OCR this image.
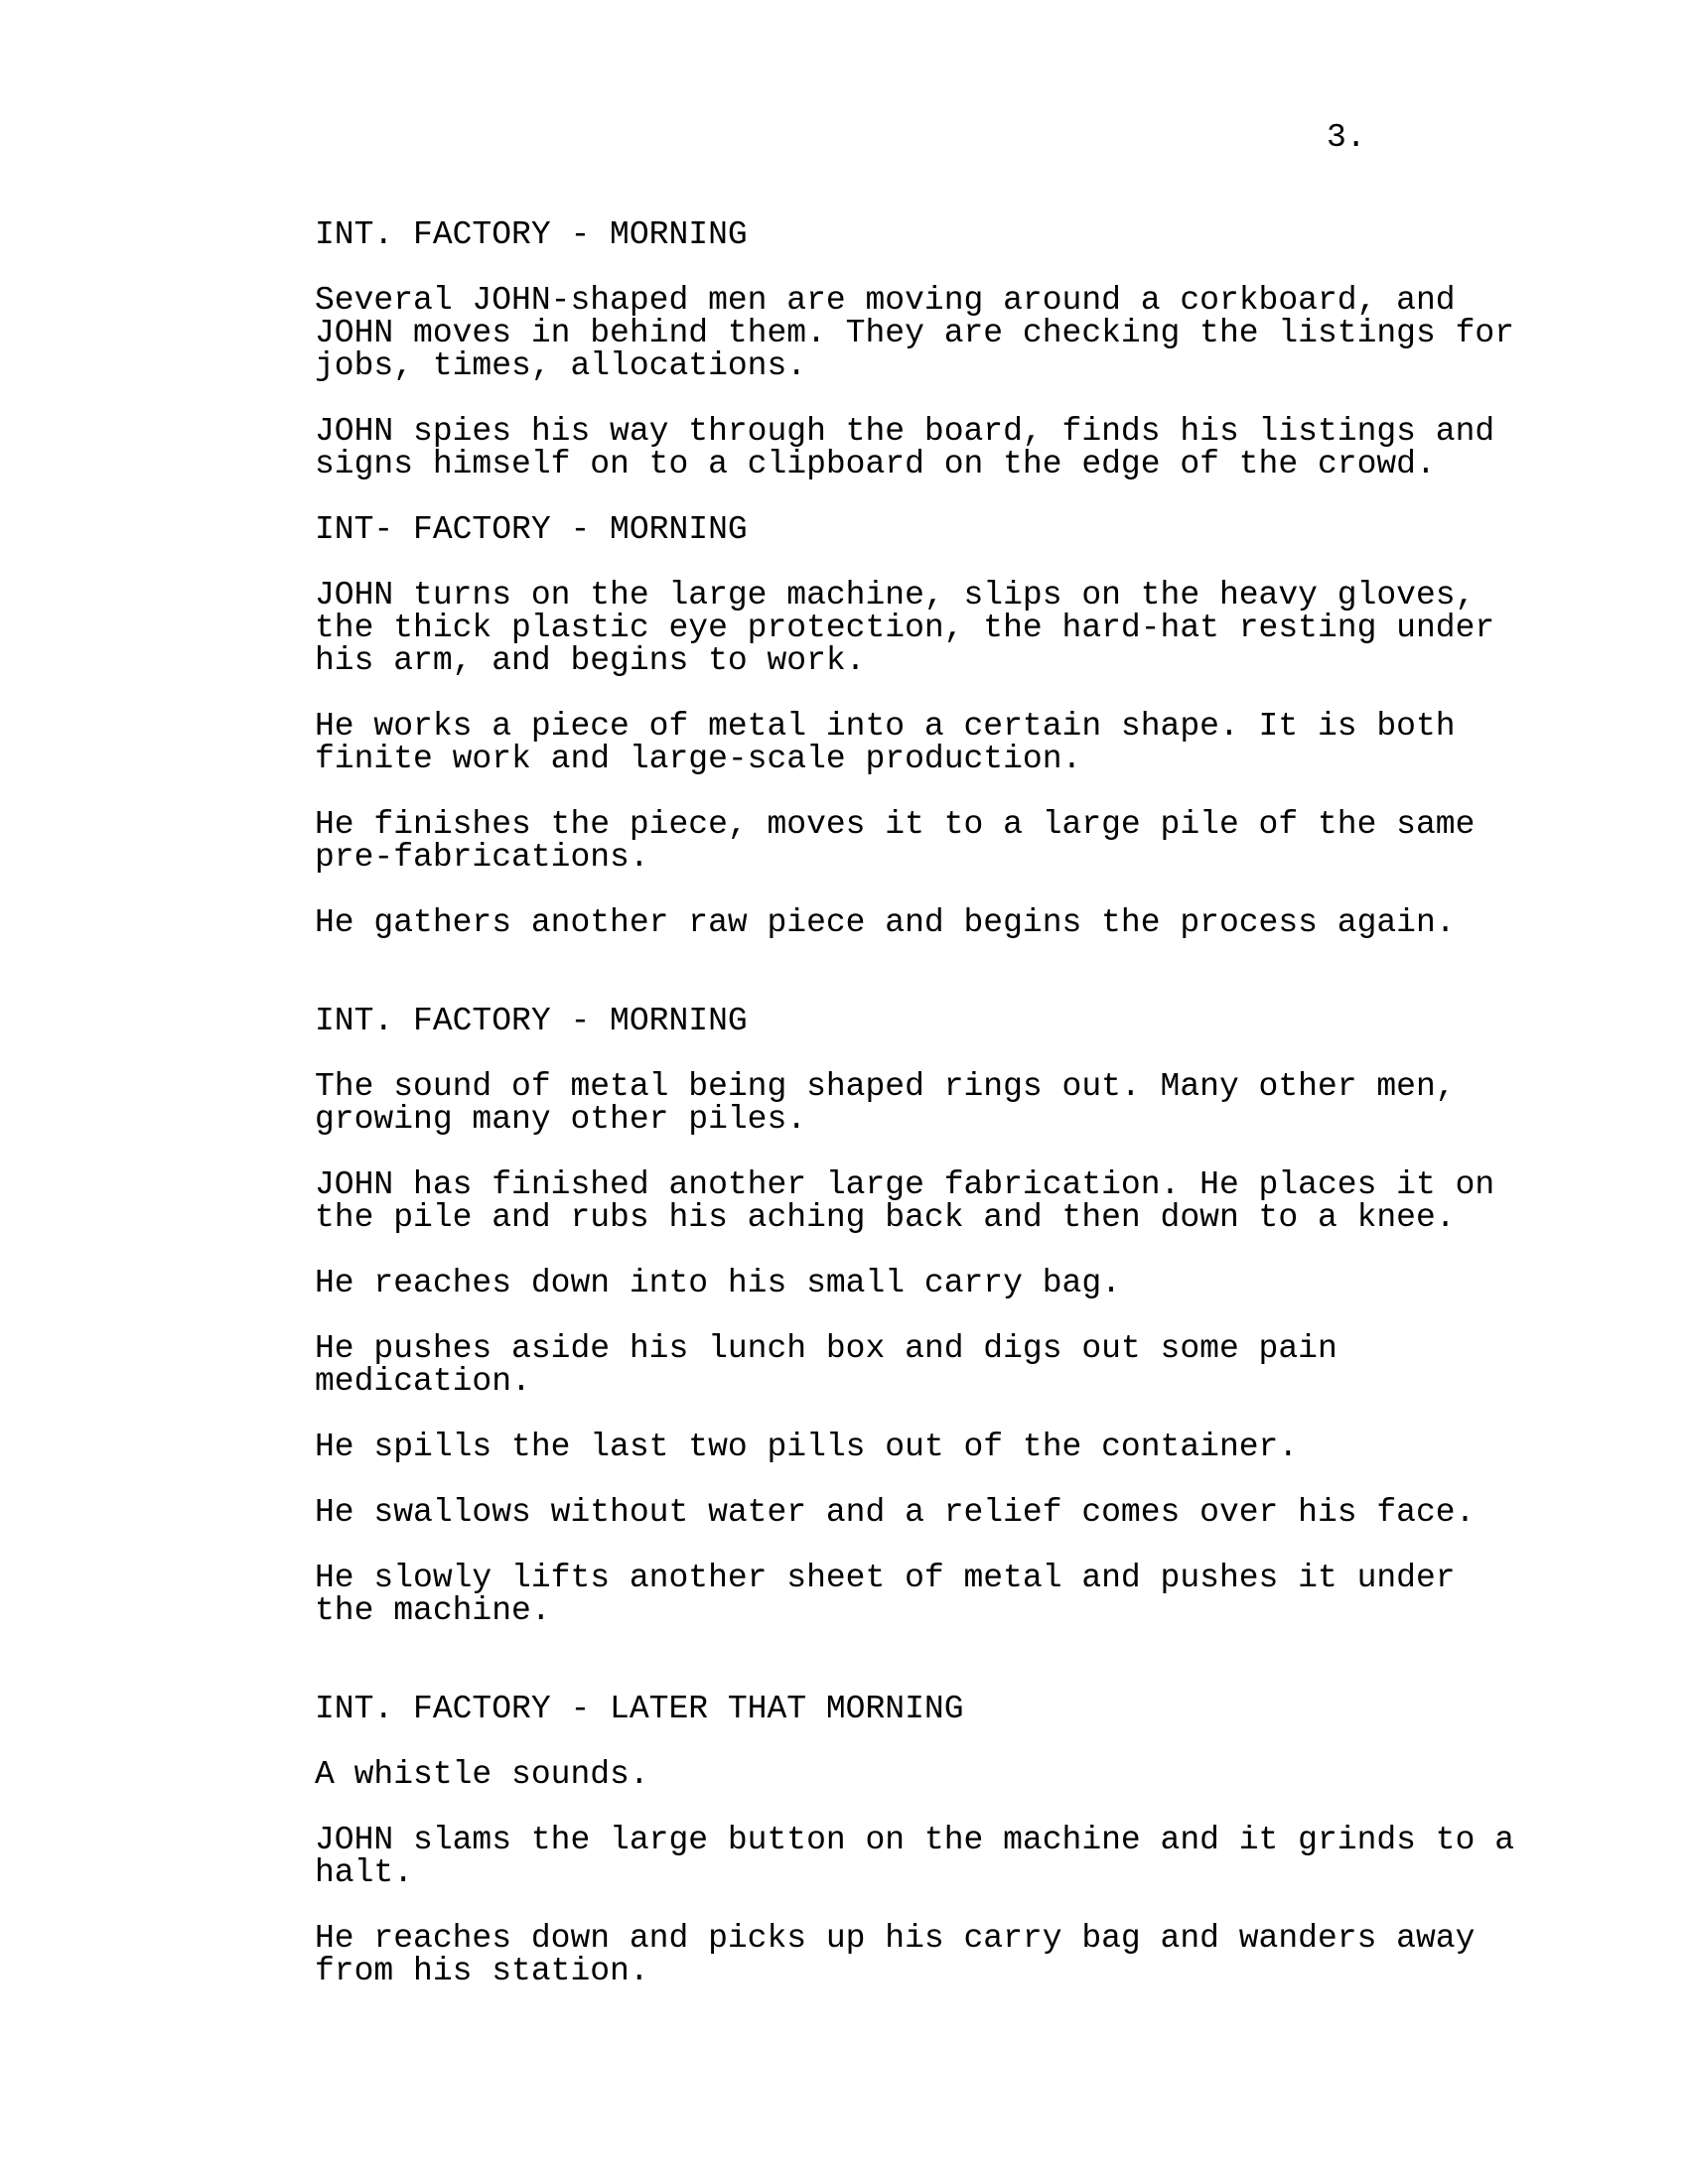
3.
INT. FACTORY - MORNING
Several JOHN-shaped men are moving around a corkboard, and
JOHN moves in behind them. They are checking the listings for
jobs, times, allocations.
JOHN spies his way through the board, finds his listings and
signs himself on to a clipboard on the edge of the crowd.
INT- FACTORY - MORNING
JOHN turns on the large machine, slips on the heavy gloves,
the thick plastic eye protection, the hard-hat resting under
his arm, and begins to work.
He works a piece of metal into a certain shape. It is both
finite work and large-scale production.
He finishes the piece, moves it to a large pile of the same
pre-fabrications.
He gathers another raw piece and begins the process again.
INT. FACTORY - MORNING
The sound of metal being shaped rings out. Many other men,
growing many other piles.
JOHN has finished another large fabrication. He places it on
the pile and rubs his aching back and then down to a knee.
He reaches down into his small carry bag.
He pushes aside his lunch box and digs out some pain
medication.
He spills the last two pills out of the container.
He swallows without water and a relief comes over his face.
He slowly lifts another sheet of metal and pushes it under
the machine.
INT. FACTORY - LATER THAT MORNING
A whistle sounds.
JOHN slams the large button on the machine and it grinds to a
halt.
He reaches down and picks up his carry bag and wanders away
from his station.
